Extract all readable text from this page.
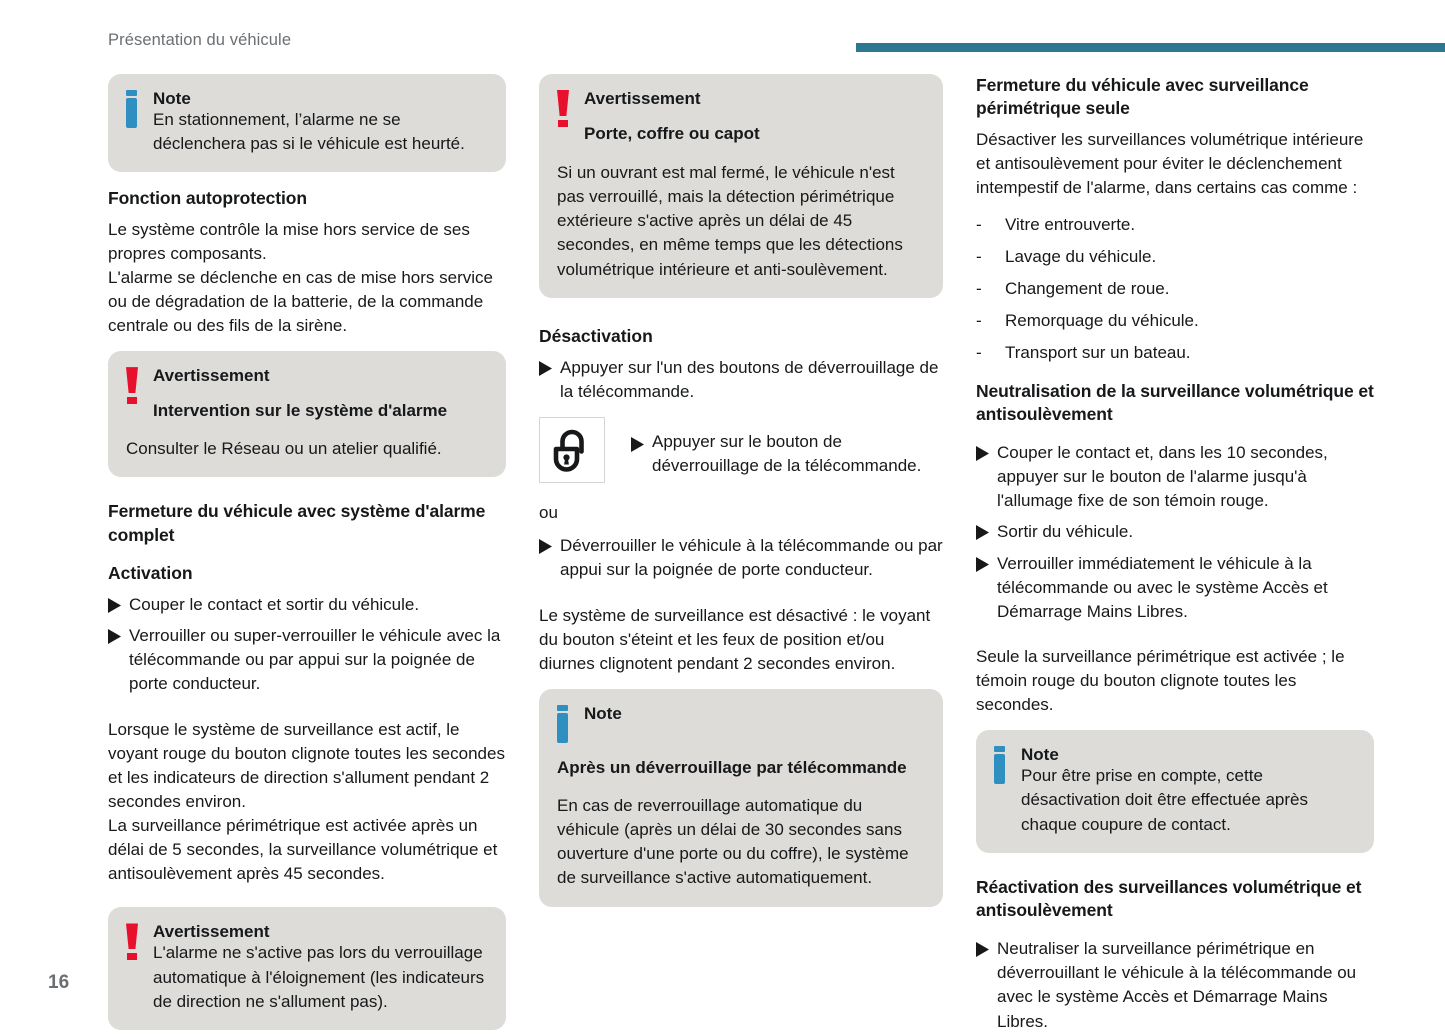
Présentation du véhicule
Note
En stationnement, l’alarme ne se déclenchera pas si le véhicule est heurté.
Fonction autoprotection
Le système contrôle la mise hors service de ses propres composants.
L'alarme se déclenche en cas de mise hors service ou de dégradation de la batterie, de la commande centrale ou des fils de la sirène.
Avertissement
Intervention sur le système d'alarme
Consulter le Réseau ou un atelier qualifié.
Fermeture du véhicule avec système d'alarme complet
Activation
Couper le contact et sortir du véhicule.
Verrouiller ou super-verrouiller le véhicule avec la télécommande ou par appui sur la poignée de porte conducteur.
Lorsque le système de surveillance est actif, le voyant rouge du bouton clignote toutes les secondes et les indicateurs de direction s'allument pendant 2 secondes environ.
La surveillance périmétrique est activée après un délai de 5 secondes, la surveillance volumétrique et antisoulèvement après 45 secondes.
Avertissement
L'alarme ne s'active pas lors du verrouillage automatique à l'éloignement (les indicateurs de direction ne s'allument pas).
Avertissement
Porte, coffre ou capot
Si un ouvrant est mal fermé, le véhicule n'est pas verrouillé, mais la détection périmétrique extérieure s'active après un délai de 45 secondes, en même temps que les détections volumétrique intérieure et anti-soulèvement.
Désactivation
Appuyer sur l'un des boutons de déverrouillage de la télécommande.
Appuyer sur le bouton de déverrouillage de la télécommande.
ou
Déverrouiller le véhicule à la télécommande ou par appui sur la poignée de porte conducteur.
Le système de surveillance est désactivé : le voyant du bouton s'éteint et les feux de position et/ou diurnes clignotent pendant 2 secondes environ.
Note
Après un déverrouillage par télécommande
En cas de reverrouillage automatique du véhicule (après un délai de 30 secondes sans ouverture d'une porte ou du coffre), le système de surveillance s'active automatiquement.
Fermeture du véhicule avec surveillance périmétrique seule
Désactiver les surveillances volumétrique intérieure et antisoulèvement pour éviter le déclenchement intempestif de l'alarme, dans certains cas comme :
-	Vitre entrouverte.
-	Lavage du véhicule.
-	Changement de roue.
-	Remorquage du véhicule.
-	Transport sur un bateau.
Neutralisation de la surveillance volumétrique et antisoulèvement
Couper le contact et, dans les 10 secondes, appuyer sur le bouton de l'alarme jusqu'à l'allumage fixe de son témoin rouge.
Sortir du véhicule.
Verrouiller immédiatement le véhicule à la télécommande ou avec le système Accès et Démarrage Mains Libres.
Seule la surveillance périmétrique est activée ; le témoin rouge du bouton clignote toutes les secondes.
Note
Pour être prise en compte, cette désactivation doit être effectuée après chaque coupure de contact.
Réactivation des surveillances volumétrique et antisoulèvement
Neutraliser la surveillance périmétrique en déverrouillant le véhicule à la télécommande ou avec le système Accès et Démarrage Mains Libres.
16
